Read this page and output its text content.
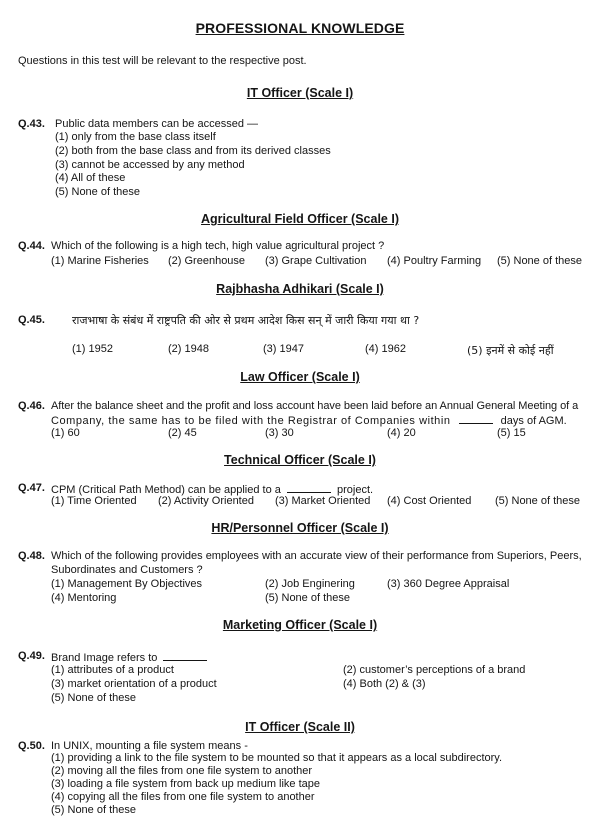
PROFESSIONAL KNOWLEDGE
Questions in this test will be relevant to the respective post.
IT Officer (Scale I)
Q.43. Public data members can be accessed —
(1) only from the base class itself
(2) both from the base class and from its derived classes
(3) cannot be accessed by any method
(4) All of these
(5) None of these
Agricultural Field Officer (Scale I)
Q.44. Which of the following is a high tech, high value agricultural project ?
(1) Marine Fisheries (2) Greenhouse (3) Grape Cultivation (4) Poultry Farming (5) None of these
Rajbhasha Adhikari (Scale I)
Q.45. राजभाषा के संबंध में राष्ट्रपति की ओर से प्रथम आदेश किस सन् में जारी किया गया था ?
(1) 1952	(2) 1948	(3) 1947	(4) 1962	(5) इनमें से कोई नहीं
Law Officer (Scale I)
Q.46. After the balance sheet and the profit and loss account have been laid before an Annual General Meeting of a
Company, the same has to be filed with the Registrar of Companies within	days of AGM.
(1) 60	(2) 45	(3) 30	(4) 20	(5) 15
Technical Officer (Scale I)
Q.47. CPM (Critical Path Method) can be applied to a	project.
(1) Time Oriented (2) Activity Oriented (3) Market Oriented (4) Cost Oriented (5) None of these
HR/Personnel Officer (Scale I)
Q.48. Which of the following provides employees with an accurate view of their performance from Superiors, Peers,
Subordinates and Customers ?
(1) Management By Objectives	(2) Job Enginering	(3) 360 Degree Appraisal
(4) Mentoring	(5) None of these
Marketing Officer (Scale I)
Q.49. Brand Image refers to
(1) attributes of a product	(2) customer’s perceptions of a brand
(3) market orientation of a product	(4) Both (2) & (3)
(5) None of these
IT Officer (Scale II)
Q.50. In UNIX, mounting a file system means -
(1) providing a link to the file system to be mounted so that it appears as a local subdirectory.
(2) moving all the files from one file system to another
(3) loading a file system from back up medium like tape
(4) copying all the files from one file system to another
(5) None of these
